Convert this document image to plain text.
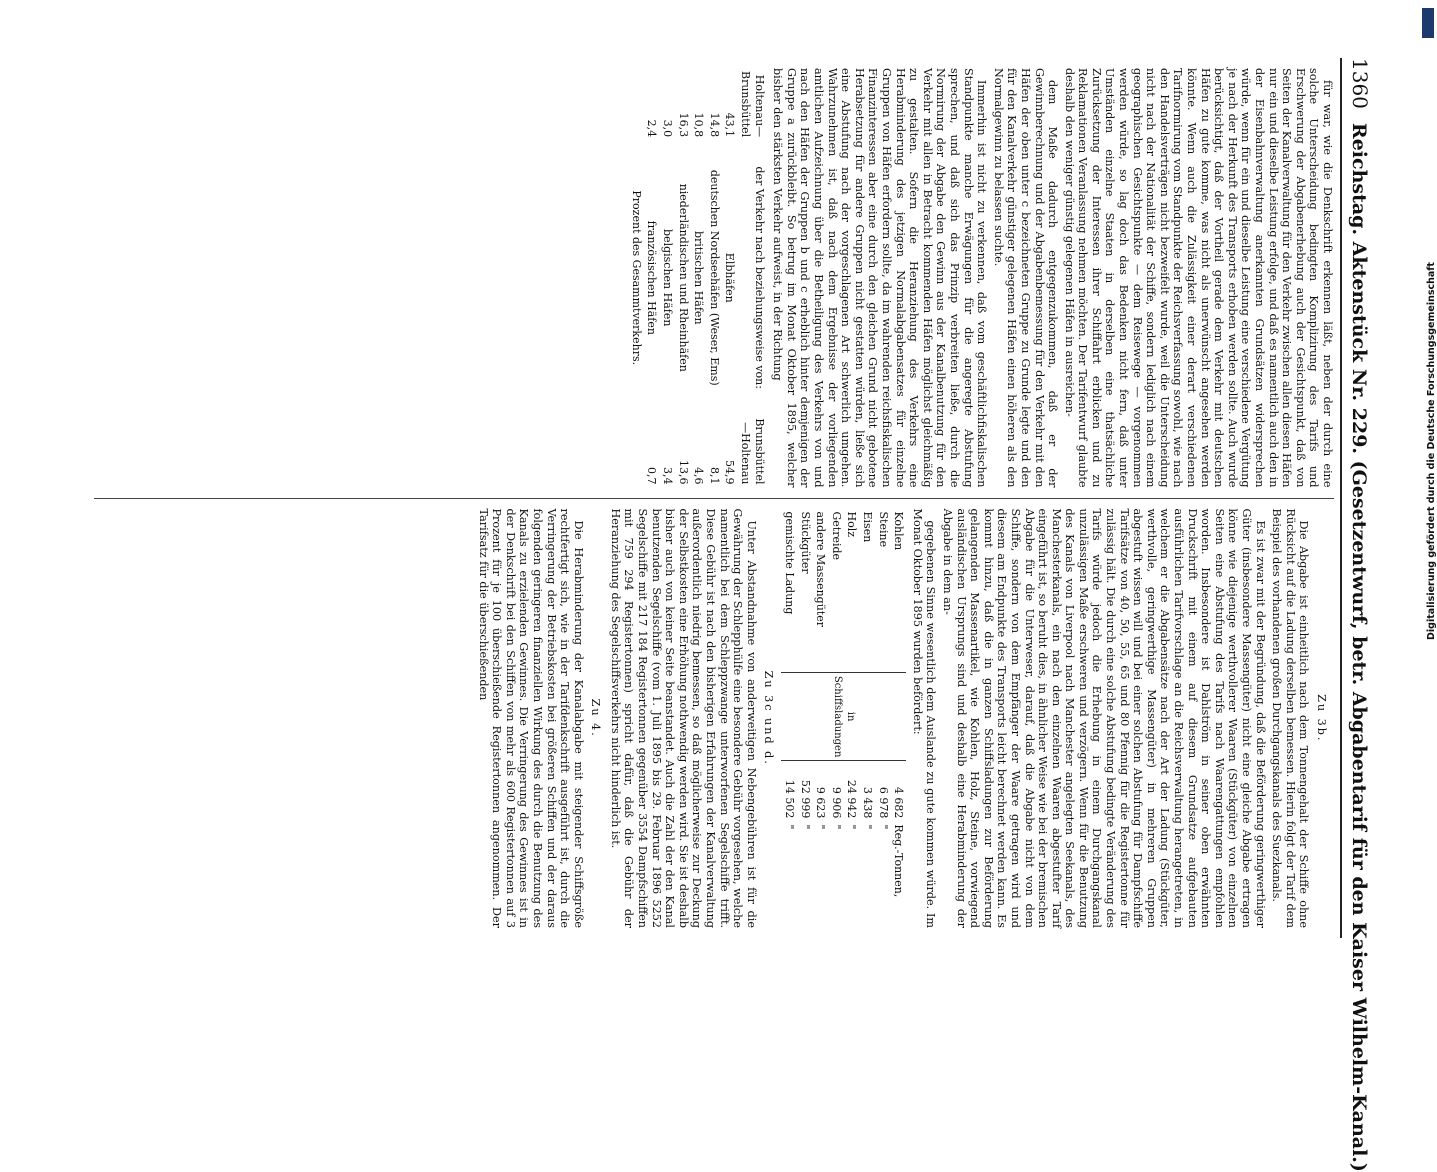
Digitalisierung gefördert durch die Deutsche Forschungsgemeinschaft
1360
Reichstag. Aktenstück Nr. 229. (Gesetzentwurf, betr. Abgabentarif für den Kaiser Wilhelm-Kanal.)

für war, wie die Denkschrift erkennen läßt, neben der durch eine solche Unterscheidung bedingten Komplizirung des Tarifs und Erschwerung der Abgabenerhebung auch der Gesichtspunkt, daß von Seiten der Kanalverwaltung für den Verkehr zwischen allen diesen Häfen nur ein und dieselbe Leistung erfolge, und daß es namentlich auch den in der Eisenbahnverwaltung anerkannten Grundsätzen widersprechen würde, wenn für ein und dieselbe Leistung eine verschiedene Vergütung je nach der Herkunft des Transports erhoben werden sollte. Auch wurde berücksichtigt, daß der Vortheil gerade dem Verkehr mit deutschen Häfen zu gute komme, was nicht als unerwünscht angesehen werden könnte. Wenn auch die Zulässigkeit einer derart verschiedenen Tarifnormirung vom Standpunkte der Reichsverfassung sowohl, wie nach den Handelsverträgen nicht bezweifelt wurde, weil die Unterscheidung nicht nach der Nationalität der Schiffe, sondern lediglich nach einem geographischen Gesichtspunkte — dem Reisewege — vorgenommen werden würde, so lag doch das Bedenken nicht fern, daß unter Umständen einzelne Staaten in derselben eine thatsächliche Zurücksetzung der Interessen ihrer Schiffahrt erblicken und zu Reklamationen Veranlassung nehmen möchten. Der Tarifentwurf glaubte deshalb den weniger günstig gelegenen Häfen in ausreichen-

dem Maße dadurch entgegenzukommen, daß er der Gewinnberechnung und der Abgabenbemessung für den Verkehr mit den Häfen der oben unter c bezeichneten Gruppe zu Grunde legte und den für den Kanalverkehr günstiger gelegenen Häfen einen höheren als den Normalgewinn zu belassen suchte.

Immerhin ist nicht zu verkennen, daß vom geschäftlichfiskalischen Standpunkte manche Erwägungen für die angeregte Abstufung sprechen, und daß sich das Prinzip verbreiten ließe, durch die Normirung der Abgabe den Gewinn aus der Kanalbenutzung für den Verkehr mit allen in Betracht kommenden Häfen möglichst gleichmäßig zu gestalten. Sofern die Heranziehung des Verkehrs eine Herabminderung des jetzigen Normalabgabensatzes für einzelne Gruppen von Häfen erfordern sollte, da im wahrenden reichsfiskalischen Finanzinteressen aber eine durch den gleichen Grund nicht gebotene Herabsetzung für andere Gruppen nicht gestatten würden, ließe sich eine Abstufung nach der vorgeschlagenen Art schwerlich umgehen. Wahrzunehmen ist, daß nach dem Ergebnisse der vorliegenden amtlichen Aufzeichnung über die Betheiligung des Verkehrs von und nach den Häfen der Gruppen b und c erheblich hinter demjenigen der Gruppe a zurückbleibt. So betrug im Monat Oktober 1895, welcher bisher den stärksten Verkehr aufweist, in der Richtung

Holtenau—Brunsbüttel	der Verkehr nach beziehungsweise von:	Brunsbüttel—Holtenau
43,1	Elbhäfen	54,9
14,8	deutschen Nordseehäfen (Weser, Ems)	8,1
10,8	britischen Häfen	4,6
16,3	niederländischen und Rheinhäfen	13,6
3,0	belgischen Häfen	3,4
2,4	französischen Häfen	0,7
Prozent des Gesammtverkehrs.		

Zu 3b.

Die Abgabe ist einheitlich nach dem Tonnengehalt der Schiffe ohne Rücksicht auf die Ladung derselben bemessen. Hierin folgt der Tarif dem Beispiel des vorhandenen großen Durchgangskanals des Suezkanals.

Es ist zwar mit der Begründung, daß die Beförderung geringwerthiger Güter (insbesondere Massengüter) nicht eine gleiche Abgabe ertragen könne wie diejenige werthvollerer Waaren (Stückgüter) von einzelnen Seiten eine Abstufung des Tarifs nach Waarengattungen empfohlen worden. Insbesondere ist Dahlström in seiner oben erwähnten Druckschrift mit einem auf diesem Grundsatze aufgebauten ausführlichen Tarifvorschlage an die Reichsverwaltung herangetreten, in welchem er die Abgabensätze nach der Art der Ladung (Stückgüter, werthvolle, geringwerthige Massengüter) in mehreren Gruppen abgestuft wissen will und bei einer solchen Abstufung für Dampfschiffe Tarifsätze von 40, 50, 55, 65 und 80 Pfennig für die Registertonne für zulässig hält. Die durch eine solche Abstufung bedingte Veränderung des Tarifs würde jedoch die Erhebung in einem Durchgangskanal unzulässigen Maße erschweren und verzögern. Wenn für die Benutzung des Kanals von Liverpool nach Manchester angelegten Seekanals, des Manchesterkanals, ein nach den einzelnen Waaren abgestufter Tarif eingeführt ist, so beruht dies, in ähnlicher Weise wie bei der bremischen Abgabe für die Unterweser, darauf, daß die Abgabe nicht von dem Schiffe, sondern von dem Empfänger der Waare getragen wird und diesem am Endpunkte des Transports leicht berechnet werden kann. Es kommt hinzu, daß die in ganzen Schiffsladungen zur Beförderung gelangenden Massenartikel, wie Kohlen, Holz, Steine, vorwiegend ausländischen Ursprungs sind und deshalb eine Herabminderung der Abgabe in dem an-

gegebenen Sinne wesentlich dem Auslande zu gute kommen würde. Im Monat Oktober 1895 wurden befördert:

Kohlen	in Schiffsladungen	4 682	Reg.-Tonnen,
Steine		6 978	"
Eisen		3 438	"
Holz		24 942	"
Getreide		9 906	"
andere Massengüter		9 623	"
Stückgüter		52 999	"
gemischte Ladung		14 502	"

Zu 3c und d.

Unter Abstandnahme von anderweitigen Nebengebühren ist für die Gewährung der Schlepphülfe eine besondere Gebühr vorgesehen, welche namentlich bei dem Schleppzwange unterworfenen Segelschiffe trifft. Diese Gebühr ist nach den bisherigen Erfahrungen der Kanalverwaltung außerordentlich niedrig bemessen, so daß möglicherweise zur Deckung der Selbstkosten eine Erhöhung nothwendig werden wird. Sie ist deshalb bisher auch von keiner Seite beanstandet. Auch die Zahl der den Kanal benutzenden Segelschiffe (vom 1. Juli 1895 bis 29. Februar 1896 5252 Segelschiffe mit 217 184 Registertonnen gegenüber 3554 Dampfschiffen mit 759 294 Registertonnen) spricht dafür, daß die Gebühr der Heranziehung des Segelschiffsverkehrs nicht hinderlich ist.

Zu 4.

Die Herabminderung der Kanalabgabe mit steigender Schiffsgröße rechtfertigt sich, wie in der Tarifdenkschrift ausgeführt ist, durch die Verringerung der Betriebskosten bei größeren Schiffen und der daraus folgenden geringeren finanziellen Wirkung des durch die Benutzung des Kanals zu erzielenden Gewinnes. Die Verringerung des Gewinnes ist in der Denkschrift bei den Schiffen von mehr als 600 Registertonnen auf 3 Prozent für je 100 überschießende Registertonnen angenommen. Der Tarifsatz für die überschießenden
